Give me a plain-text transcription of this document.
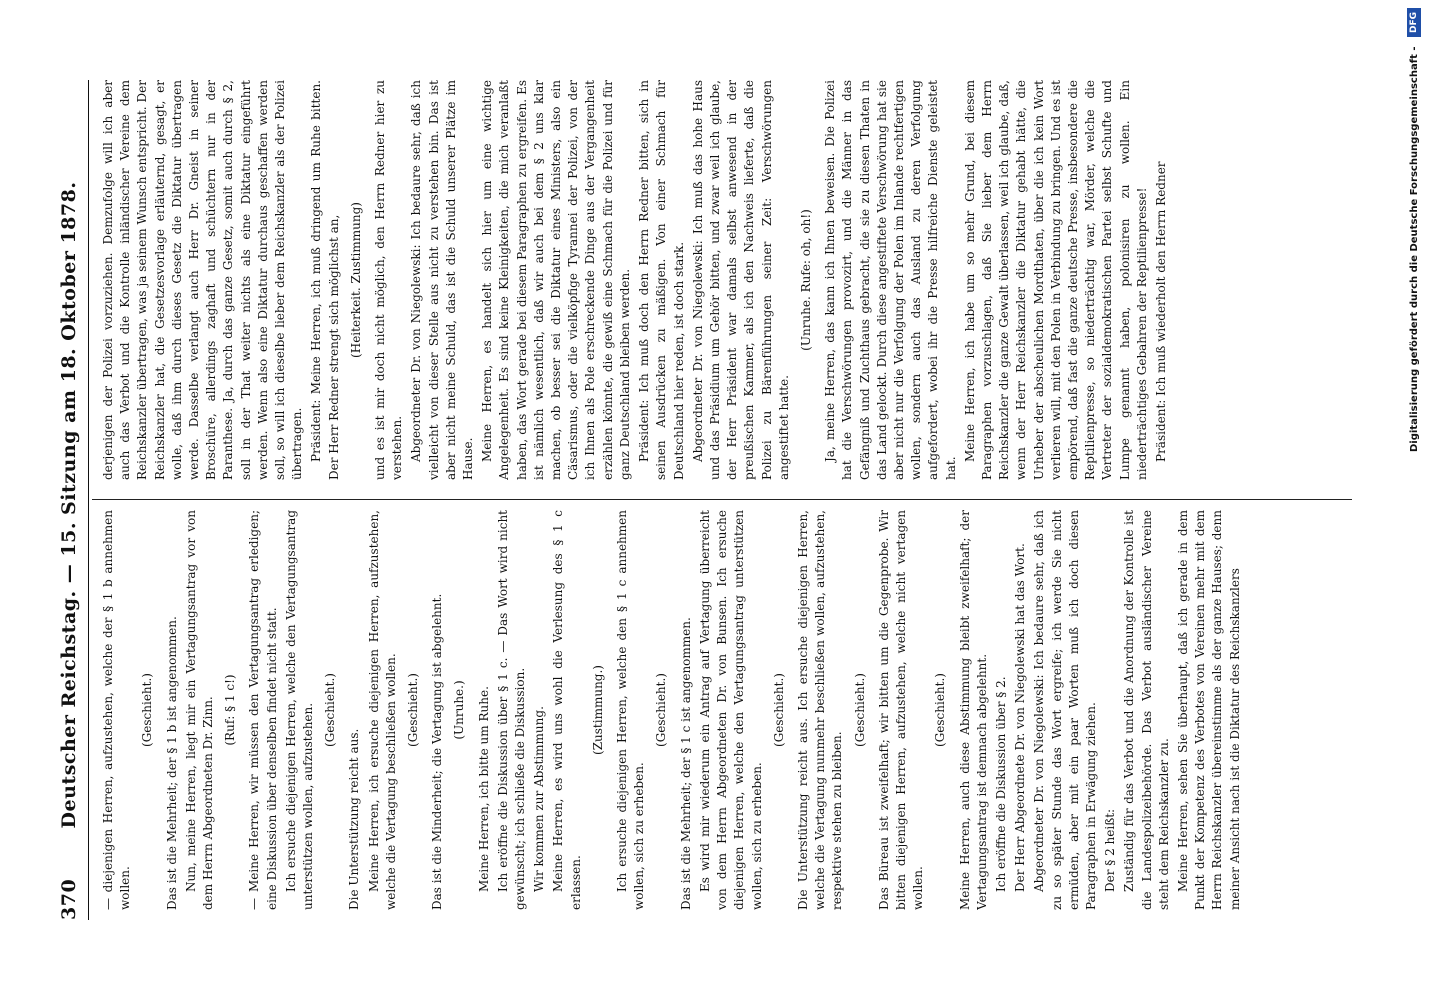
370
Deutscher Reichstag. — 15. Sitzung am 18. Oktober 1878. — diejenigen Herren, aufzustehen, welche der § 1 b annehmen wollen.

(Geschieht.) Das ist die Mehrheit; der § 1 b ist angenommen. Nun, meine Herren, liegt mir ein Vertagungsantrag vor von dem Herrn Abgeordneten Dr. Zinn. (Ruf: § 1 c!) — Meine Herren, wir müssen den Vertagungsantrag erledigen; eine Diskussion über denselben findet nicht statt. Ich ersuche diejenigen Herren, welche den Vertagungsantrag unterstützen wollen, aufzustehen. (Geschieht.)

Die Unterstützung reicht aus. Meine Herren, ich ersuche diejenigen Herren, aufzustehen, welche die Vertagung beschließen wollen. (Geschieht.) Das ist die Minderheit; die Vertagung ist abgelehnt. (Unruhe.) Meine Herren, ich bitte um Ruhe. Ich eröffne die Diskussion über § 1 c. — Das Wort wird nicht gewünscht; ich schließe die Diskussion. Wir kommen zur Abstimmung. Meine Herren, es wird uns wohl die Verlesung des § 1 c erlassen.

(Zustimmung.) Ich ersuche diejenigen Herren, welche den § 1 c annehmen wollen, sich zu erheben.

(Geschieht.) Das ist die Mehrheit; der § 1 c ist angenommen. Es wird mir wiederum ein Antrag auf Vertagung überreicht von dem Herrn Abgeordneten Dr. von Bunsen. Ich ersuche diejenigen Herren, welche den Vertagungsantrag unterstützen wollen, sich zu erheben.

(Geschieht.) Die Unterstützung reicht aus. Ich ersuche diejenigen Herren, welche die Vertagung nunmehr beschließen wollen, aufzustehen, respektive stehen zu bleiben.

(Geschieht.) Das Büreau ist zweifelhaft; wir bitten um die Gegenprobe. Wir bitten diejenigen Herren, aufzustehen, welche nicht vertagen wollen.

(Geschieht.) Meine Herren, auch diese Abstimmung bleibt zweifelhaft; der Vertagungsantrag ist demnach abgelehnt. Ich eröffne die Diskussion über § 2. Der Herr Abgeordnete Dr. von Niegolewski hat das Wort. Abgeordneter Dr. von Niegolewski: Ich bedaure sehr, daß ich zu so später Stunde das Wort ergreife; ich werde Sie nicht ermüden, aber mit ein paar Worten muß ich doch diesen Paragraphen in Erwägung ziehen. Der § 2 heißt: Zuständig für das Verbot und die Anordnung der Kontrolle ist die Landespolizeibehörde. Das Verbot ausländischer Vereine steht dem Reichskanzler zu. Meine Herren, sehen Sie überhaupt, daß ich gerade in dem Punkt der Kompetenz des Verbotes von Vereinen mehr mit dem Herrn Reichskanzler übereinstimme als der ganze Hauses; denn meiner Ansicht nach ist die Diktatur des Reichskanzlers

derjenigen der Polizei vorzuziehen. Demzufolge will ich aber auch das Verbot und die Kontrolle inländischer Vereine dem Reichskanzler übertragen, was ja seinem Wunsch entspricht. Der Reichskanzler hat, die Gesetzesvorlage erläuternd, gesagt, er wolle, daß ihm durch dieses Gesetz die Diktatur übertragen werde. Dasselbe verlangt auch Herr Dr. Gneist in seiner Broschüre, allerdings zaghaft und schüchtern nur in der Paranthese. Ja, durch das ganze Gesetz, somit auch durch § 2, soll in der That weiter nichts als eine Diktatur eingeführt werden. Wenn also eine Diktatur durchaus geschaffen werden soll, so will ich dieselbe lieber dem Reichskanzler als der Polizei übertragen. Präsident: Meine Herren, ich muß dringend um Ruhe bitten. Der Herr Redner strengt sich möglichst an, (Heiterkeit. Zustimmung) und es ist mir doch nicht möglich, den Herrn Redner hier zu verstehen. Abgeordneter Dr. von Niegolewski: Ich bedaure sehr, daß ich vielleicht von dieser Stelle aus nicht zu verstehen bin. Das ist aber nicht meine Schuld, das ist die Schuld unserer Plätze im Hause. Meine Herren, es handelt sich hier um eine wichtige Angelegenheit. Es sind keine Kleinigkeiten, die mich veranlaßt haben, das Wort gerade bei diesem Paragraphen zu ergreifen. Es ist nämlich wesentlich, daß wir auch bei dem § 2 uns klar machen, ob besser sei die Diktatur eines Ministers, also ein Cäsarismus, oder die vielköpfige Tyrannei der Polizei, von der ich Ihnen als Pole erschreckende Dinge aus der Vergangenheit erzählen könnte, die gewiß eine Schmach für die Polizei und für ganz Deutschland bleiben werden. Präsident: Ich muß doch den Herrn Redner bitten, sich in seinen Ausdrücken zu mäßigen. Von einer Schmach für Deutschland hier reden, ist doch stark. Abgeordneter Dr. von Niegolewski: Ich muß das hohe Haus und das Präsidium um Gehör bitten, und zwar weil ich glaube, der Herr Präsident war damals selbst anwesend in der preußischen Kammer, als ich den Nachweis lieferte, daß die Polizei zu Bärenführungen seiner Zeit: Verschwörungen angestiftet hatte.

(Unruhe. Rufe: oh, oh!) Ja, meine Herren, das kann ich Ihnen beweisen. Die Polizei hat die Verschwörungen provozirt, und die Männer in das Gefängniß und Zuchthaus gebracht, die sie zu diesen Thaten in das Land gelockt. Durch diese angestiftete Verschwörung hat sie aber nicht nur die Verfolgung der Polen im Inlande rechtfertigen wollen, sondern auch das Ausland zu deren Verfolgung aufgefordert, wobei ihr die Presse hilfreiche Dienste geleistet hat.

Meine Herren, ich habe um so mehr Grund, bei diesem Paragraphen vorzuschlagen, daß Sie lieber dem Herrn Reichskanzler die ganze Gewalt überlassen, weil ich glaube, daß, wenn der Herr Reichskanzler die Diktatur gehabt hätte, die Urheber der abscheulichen Mordthaten, über die ich kein Wort verlieren will, mit den Polen in Verbindung zu bringen. Und es ist empörend, daß fast die ganze deutsche Presse, insbesondere die Reptilienpresse, so niederträchtig war, Mörder, welche die Vertreter der sozialdemokratischen Partei selbst Schufte und Lumpe genannt haben, polonisiren zu wollen. Ein niederträchtiges Gebahren der Reptilienpresse! Präsident: Ich muß wiederholt den Herrn Redner	Digitalisierung gefördert durch die Deutsche Forschungsgemeinschaft - DFG
